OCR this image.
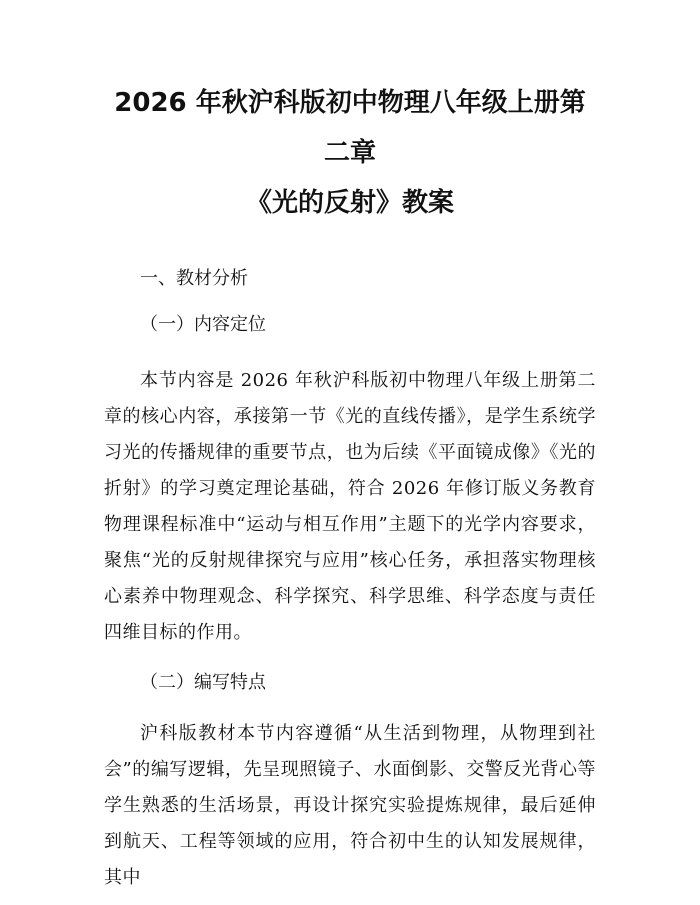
2026 年秋沪科版初中物理八年级上册第二章
《光的反射》教案

一、教材分析

（一）内容定位

本节内容是 2026 年秋沪科版初中物理八年级上册第二章的核心内容，承接第一节《光的直线传播》，是学生系统学习光的传播规律的重要节点，也为后续《平面镜成像》《光的折射》的学习奠定理论基础，符合 2026 年修订版义务教育物理课程标准中“运动与相互作用”主题下的光学内容要求，聚焦“光的反射规律探究与应用”核心任务，承担落实物理核心素养中物理观念、科学探究、科学思维、科学态度与责任四维目标的作用。

（二）编写特点

沪科版教材本节内容遵循“从生活到物理，从物理到社会”的编写逻辑，先呈现照镜子、水面倒影、交警反光背心等学生熟悉的生活场景，再设计探究实验提炼规律，最后延伸到航天、工程等领域的应用，符合初中生的认知发展规律，其中
